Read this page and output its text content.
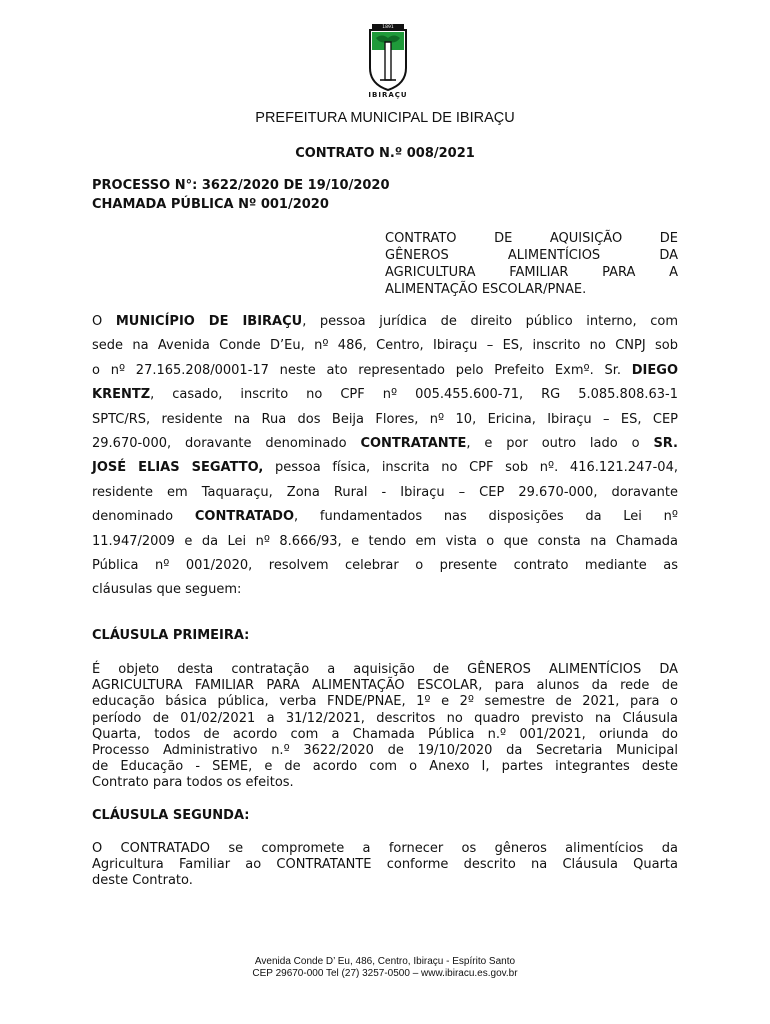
1891
IBIRAÇU
PREFEITURA MUNICIPAL DE IBIRAÇU
CONTRATO N.º 008/2021
PROCESSO N°: 3622/2020 DE 19/10/2020
CHAMADA PÚBLICA Nº 001/2020
CONTRATO DE AQUISIÇÃO DE
GÊNEROS ALIMENTÍCIOS DA
AGRICULTURA FAMILIAR PARA A
ALIMENTAÇÃO ESCOLAR/PNAE.
O MUNICÍPIO DE IBIRAÇU, pessoa jurídica de direito público interno, com
sede na Avenida Conde D’Eu, nº 486, Centro, Ibiraçu – ES, inscrito no CNPJ sob
o nº 27.165.208/0001-17 neste ato representado pelo Prefeito Exmº. Sr. DIEGO
KRENTZ, casado, inscrito no CPF nº 005.455.600-71, RG 5.085.808.63-1
SPTC/RS, residente na Rua dos Beija Flores, nº 10, Ericina, Ibiraçu – ES, CEP
29.670-000, doravante denominado CONTRATANTE, e por outro lado o SR.
JOSÉ ELIAS SEGATTO, pessoa física, inscrita no CPF sob nº. 416.121.247-04,
residente em Taquaraçu, Zona Rural - Ibiraçu – CEP 29.670-000, doravante
denominado CONTRATADO, fundamentados nas disposições da Lei nº
11.947/2009 e da Lei nº 8.666/93, e tendo em vista o que consta na Chamada
Pública nº 001/2020, resolvem celebrar o presente contrato mediante as
cláusulas que seguem:
CLÁUSULA PRIMEIRA:
É objeto desta contratação a aquisição de GÊNEROS ALIMENTÍCIOS DA
AGRICULTURA FAMILIAR PARA ALIMENTAÇÃO ESCOLAR, para alunos da rede de
educação básica pública, verba FNDE/PNAE, 1º e 2º semestre de 2021, para o
período de 01/02/2021 a 31/12/2021, descritos no quadro previsto na Cláusula
Quarta, todos de acordo com a Chamada Pública n.º 001/2021, oriunda do
Processo Administrativo n.º 3622/2020 de 19/10/2020 da Secretaria Municipal
de Educação - SEME, e de acordo com o Anexo I, partes integrantes deste
Contrato para todos os efeitos.
CLÁUSULA SEGUNDA:
O CONTRATADO se compromete a fornecer os gêneros alimentícios da
Agricultura Familiar ao CONTRATANTE conforme descrito na Cláusula Quarta
deste Contrato.
Avenida Conde D’ Eu, 486, Centro, Ibiraçu - Espírito Santo
CEP 29670-000 Tel (27) 3257-0500 – www.ibiracu.es.gov.br
